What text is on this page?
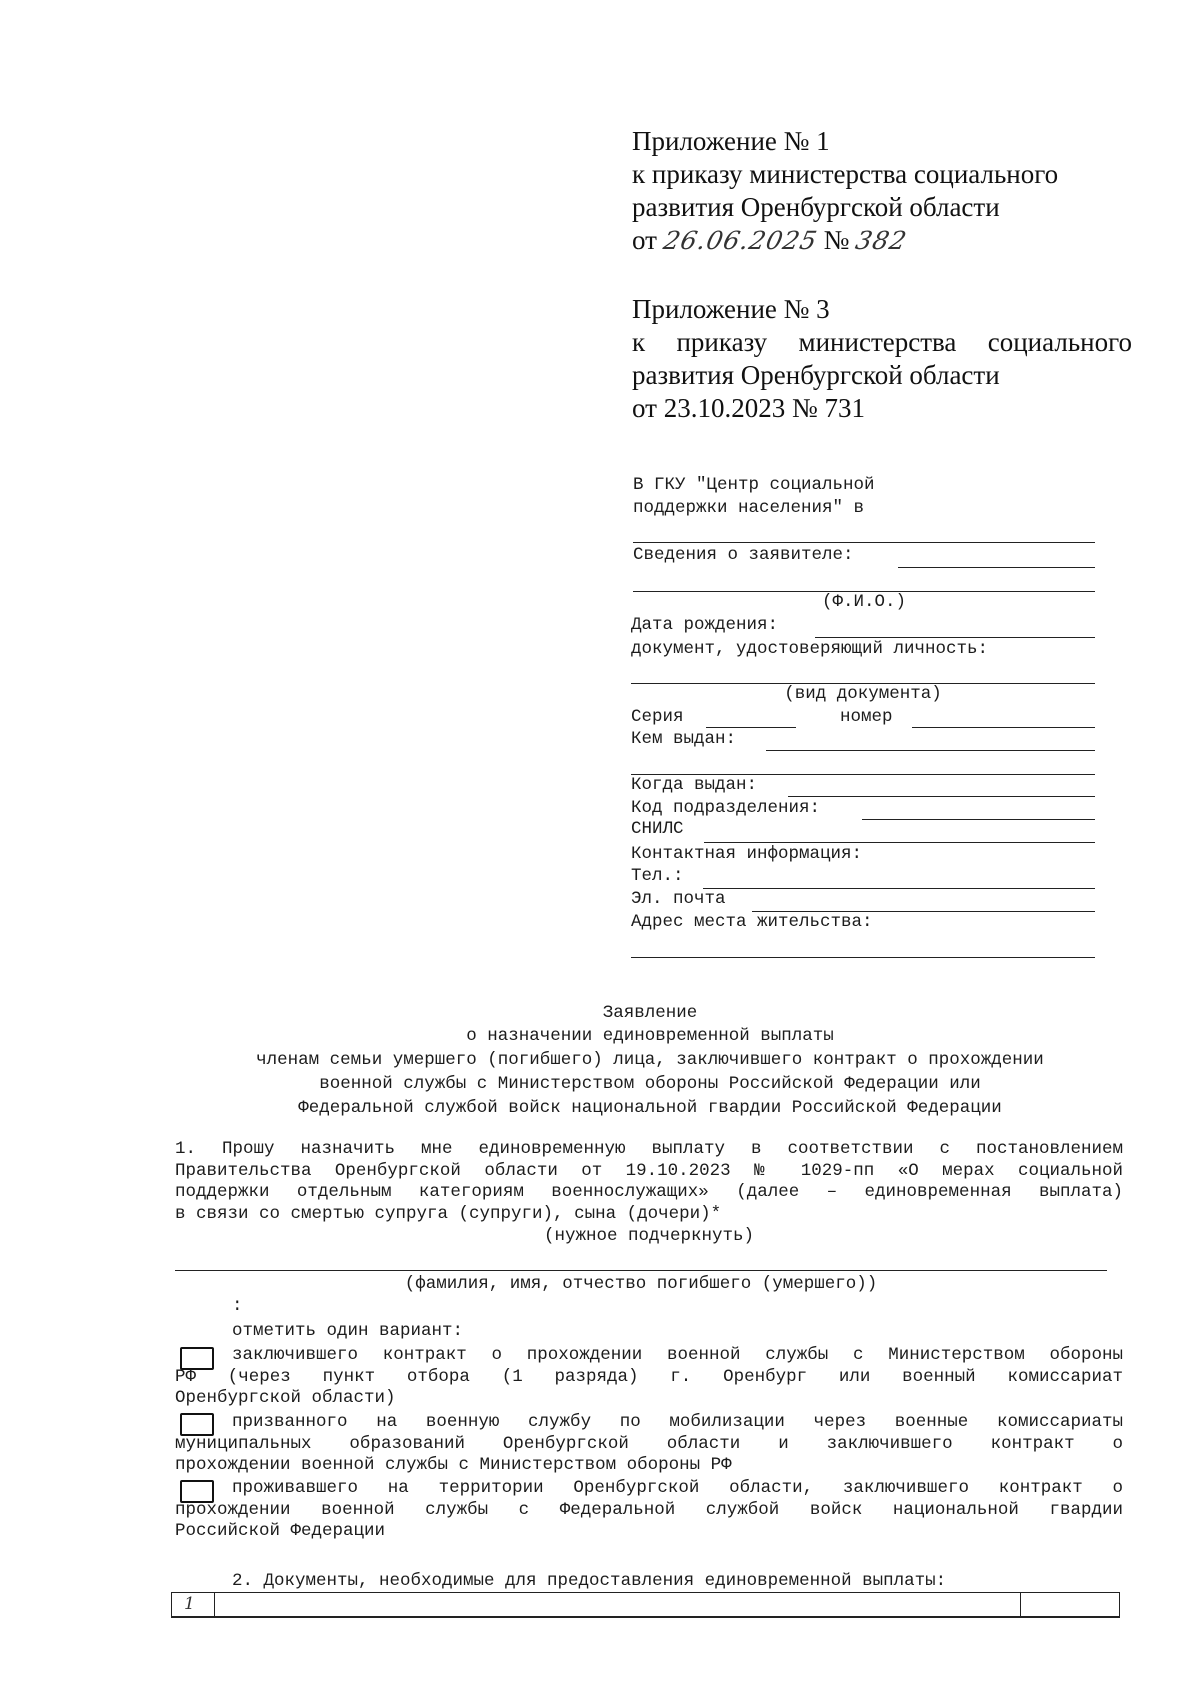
Приложение № 1
к приказу министерства социального
развития Оренбургской области
от 26.06.2025 № 382
Приложение № 3
к приказу министерства социального
развития Оренбургской области
от 23.10.2023 № 731
В ГКУ "Центр социальной
поддержки населения" в
Сведения о заявителе:
(Ф.И.О.)
Дата рождения:
документ, удостоверяющий личность:
(вид документа)
Серия	номер
Кем выдан:
Когда выдан:
Код подразделения:
СНИЛС
Контактная информация:
Тел.:
Эл. почта
Адрес места жительства:
Заявление
о назначении единовременной выплаты
членам семьи умершего (погибшего) лица, заключившего контракт о прохождении
военной службы с Министерством обороны Российской Федерации или
Федеральной службой войск национальной гвардии Российской Федерации
1. Прошу назначить мне единовременную выплату в соответствии с постановлением
Правительства Оренбургской области от 19.10.2023 № 1029-пп «О мерах социальной
поддержки отдельным категориям военнослужащих» (далее – единовременная выплата)
в связи со смертью супруга (супруги), сына (дочери)*
(нужное подчеркнуть)
(фамилия, имя, отчество погибшего (умершего))
:
отметить один вариант:
заключившего контракт о прохождении военной службы с Министерством обороны
РФ (через пункт отбора (1 разряда) г. Оренбург или военный комиссариат
Оренбургской области)
призванного на военную службу по мобилизации через военные комиссариаты
муниципальных образований Оренбургской области и заключившего контракт о
прохождении военной службы с Министерством обороны РФ
проживавшего на территории Оренбургской области, заключившего контракт о
прохождении военной службы с Федеральной службой войск национальной гвардии
Российской Федерации
2. Документы, необходимые для предоставления единовременной выплаты:
1
